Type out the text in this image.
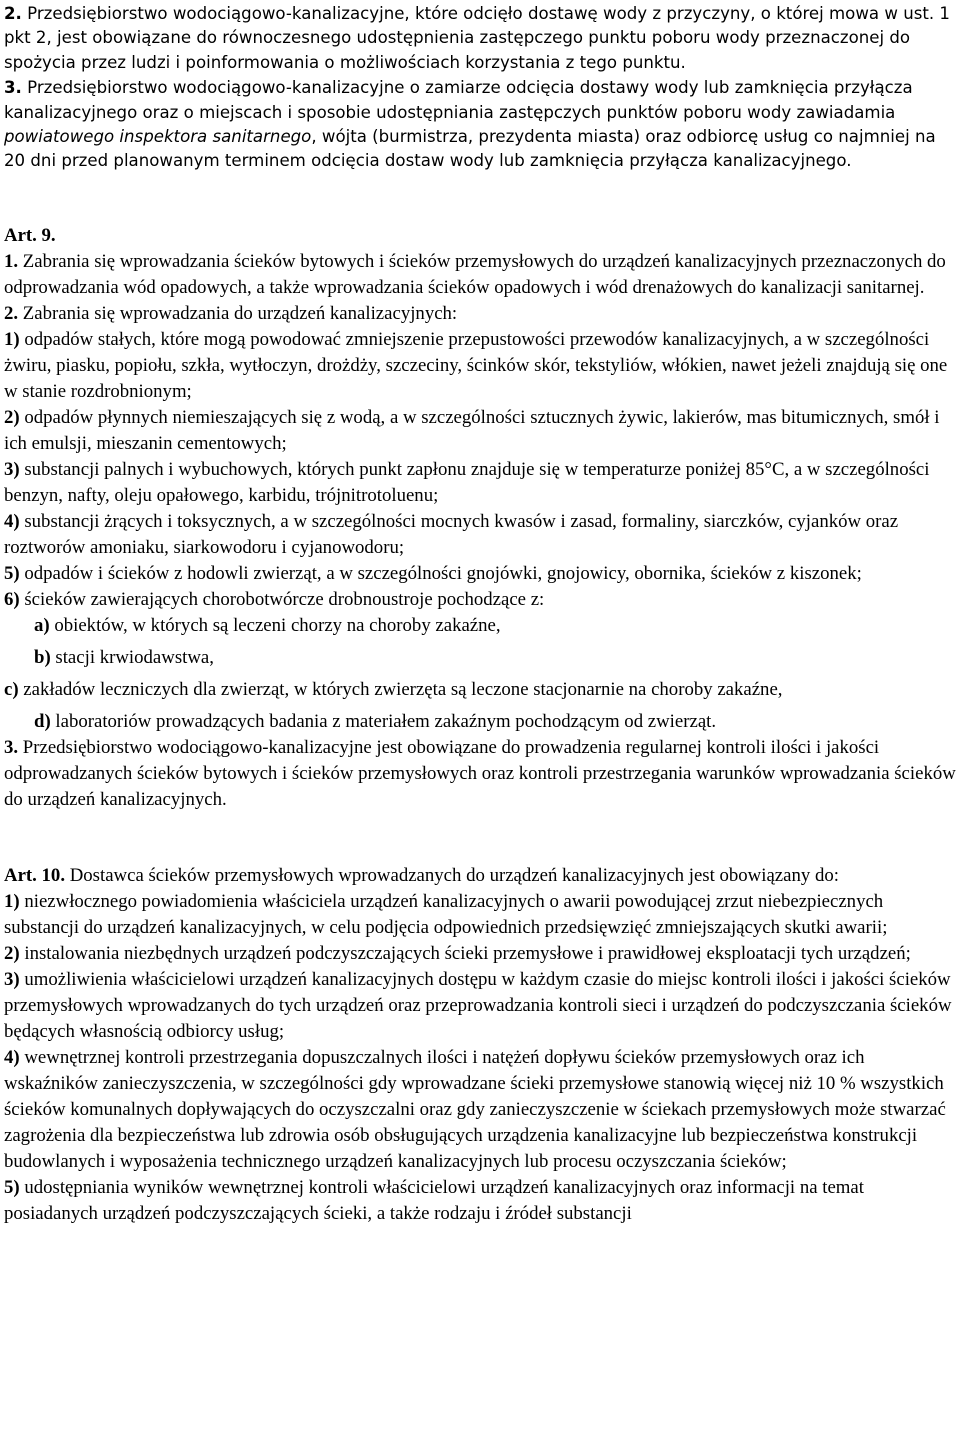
2. Przedsiębiorstwo wodociągowo-kanalizacyjne, które odcięło dostawę wody z przyczyny, o której mowa w ust. 1 pkt 2, jest obowiązane do równoczesnego udostępnienia zastępczego punktu poboru wody przeznaczonej do spożycia przez ludzi i poinformowania o możliwościach korzystania z tego punktu.

3. Przedsiębiorstwo wodociągowo-kanalizacyjne o zamiarze odcięcia dostawy wody lub zamknięcia przyłącza kanalizacyjnego oraz o miejscach i sposobie udostępniania zastępczych punktów poboru wody zawiadamia powiatowego inspektora sanitarnego, wójta (burmistrza, prezydenta miasta) oraz odbiorcę usług co najmniej na 20 dni przed planowanym terminem odcięcia dostaw wody lub zamknięcia przyłącza kanalizacyjnego.

Art. 9.

1. Zabrania się wprowadzania ścieków bytowych i ścieków przemysłowych do urządzeń kanalizacyjnych przeznaczonych do odprowadzania wód opadowych, a także wprowadzania ścieków opadowych i wód drenażowych do kanalizacji sanitarnej.

2. Zabrania się wprowadzania do urządzeń kanalizacyjnych:

1) odpadów stałych, które mogą powodować zmniejszenie przepustowości przewodów kanalizacyjnych, a w szczególności żwiru, piasku, popiołu, szkła, wytłoczyn, drożdży, szczeciny, ścinków skór, tekstyliów, włókien, nawet jeżeli znajdują się one w stanie rozdrobnionym;

2) odpadów płynnych niemieszających się z wodą, a w szczególności sztucznych żywic, lakierów, mas bitumicznych, smół i ich emulsji, mieszanin cementowych;

3) substancji palnych i wybuchowych, których punkt zapłonu znajduje się w temperaturze poniżej 85°C, a w szczególności benzyn, nafty, oleju opałowego, karbidu, trójnitrotoluenu;

4) substancji żrących i toksycznych, a w szczególności mocnych kwasów i zasad, formaliny, siarczków, cyjanków oraz roztworów amoniaku, siarkowodoru i cyjanowodoru;

5) odpadów i ścieków z hodowli zwierząt, a w szczególności gnojówki, gnojowicy, obornika, ścieków z kiszonek;

6) ścieków zawierających chorobotwórcze drobnoustroje pochodzące z:

a) obiektów, w których są leczeni chorzy na choroby zakaźne,

b) stacji krwiodawstwa,

c) zakładów leczniczych dla zwierząt, w których zwierzęta są leczone stacjonarnie na choroby zakaźne,

d) laboratoriów prowadzących badania z materiałem zakaźnym pochodzącym od zwierząt.

3. Przedsiębiorstwo wodociągowo-kanalizacyjne jest obowiązane do prowadzenia regularnej kontroli ilości i jakości odprowadzanych ścieków bytowych i ścieków przemysłowych oraz kontroli przestrzegania warunków wprowadzania ścieków do urządzeń kanalizacyjnych.

Art. 10. Dostawca ścieków przemysłowych wprowadzanych do urządzeń kanalizacyjnych jest obowiązany do:

1) niezwłocznego powiadomienia właściciela urządzeń kanalizacyjnych o awarii powodującej zrzut niebezpiecznych substancji do urządzeń kanalizacyjnych, w celu podjęcia odpowiednich przedsięwzięć zmniejszających skutki awarii;

2) instalowania niezbędnych urządzeń podczyszczających ścieki przemysłowe i prawidłowej eksploatacji tych urządzeń;

3) umożliwienia właścicielowi urządzeń kanalizacyjnych dostępu w każdym czasie do miejsc kontroli ilości i jakości ścieków przemysłowych wprowadzanych do tych urządzeń oraz przeprowadzania kontroli sieci i urządzeń do podczyszczania ścieków będących własnością odbiorcy usług;

4) wewnętrznej kontroli przestrzegania dopuszczalnych ilości i natężeń dopływu ścieków przemysłowych oraz ich wskaźników zanieczyszczenia, w szczególności gdy wprowadzane ścieki przemysłowe stanowią więcej niż 10 % wszystkich ścieków komunalnych dopływających do oczyszczalni oraz gdy zanieczyszczenie w ściekach przemysłowych może stwarzać zagrożenia dla bezpieczeństwa lub zdrowia osób obsługujących urządzenia kanalizacyjne lub bezpieczeństwa konstrukcji budowlanych i wyposażenia technicznego urządzeń kanalizacyjnych lub procesu oczyszczania ścieków;

5) udostępniania wyników wewnętrznej kontroli właścicielowi urządzeń kanalizacyjnych oraz informacji na temat posiadanych urządzeń podczyszczających ścieki, a także rodzaju i źródeł substancji
